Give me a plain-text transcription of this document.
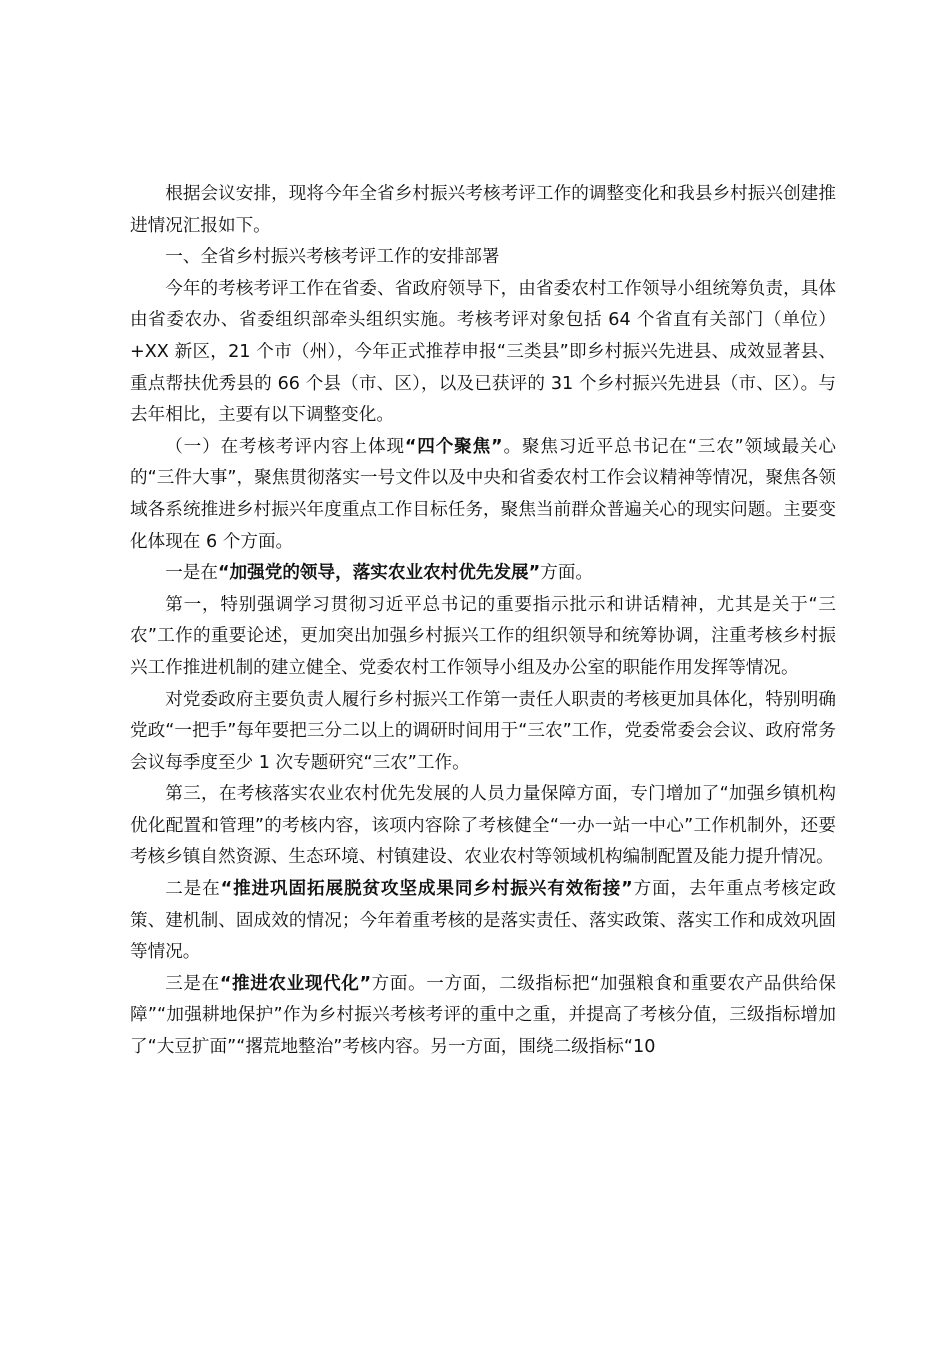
根据会议安排，现将今年全省乡村振兴考核考评工作的调整变化和我县乡村振兴创建推进情况汇报如下。

一、全省乡村振兴考核考评工作的安排部署

今年的考核考评工作在省委、省政府领导下，由省委农村工作领导小组统筹负责，具体由省委农办、省委组织部牵头组织实施。考核考评对象包括 64 个省直有关部门（单位）+XX 新区，21 个市（州），今年正式推荐申报“三类县”即乡村振兴先进县、成效显著县、重点帮扶优秀县的 66 个县（市、区），以及已获评的 31 个乡村振兴先进县（市、区）。与去年相比，主要有以下调整变化。

（一）在考核考评内容上体现“四个聚焦”。聚焦习近平总书记在“三农”领域最关心的“三件大事”，聚焦贯彻落实一号文件以及中央和省委农村工作会议精神等情况，聚焦各领域各系统推进乡村振兴年度重点工作目标任务，聚焦当前群众普遍关心的现实问题。主要变化体现在 6 个方面。

一是在“加强党的领导，落实农业农村优先发展”方面。

第一，特别强调学习贯彻习近平总书记的重要指示批示和讲话精神，尤其是关于“三农”工作的重要论述，更加突出加强乡村振兴工作的组织领导和统筹协调，注重考核乡村振兴工作推进机制的建立健全、党委农村工作领导小组及办公室的职能作用发挥等情况。

对党委政府主要负责人履行乡村振兴工作第一责任人职责的考核更加具体化，特别明确党政“一把手”每年要把三分二以上的调研时间用于“三农”工作，党委常委会会议、政府常务会议每季度至少 1 次专题研究“三农”工作。

第三，在考核落实农业农村优先发展的人员力量保障方面，专门增加了“加强乡镇机构优化配置和管理”的考核内容，该项内容除了考核健全“一办一站一中心”工作机制外，还要考核乡镇自然资源、生态环境、村镇建设、农业农村等领域机构编制配置及能力提升情况。

二是在“推进巩固拓展脱贫攻坚成果同乡村振兴有效衔接”方面，去年重点考核定政策、建机制、固成效的情况；今年着重考核的是落实责任、落实政策、落实工作和成效巩固等情况。

三是在“推进农业现代化”方面。一方面，二级指标把“加强粮食和重要农产品供给保障”“加强耕地保护”作为乡村振兴考核考评的重中之重，并提高了考核分值，三级指标增加了“大豆扩面”“撂荒地整治”考核内容。另一方面，围绕二级指标“10
